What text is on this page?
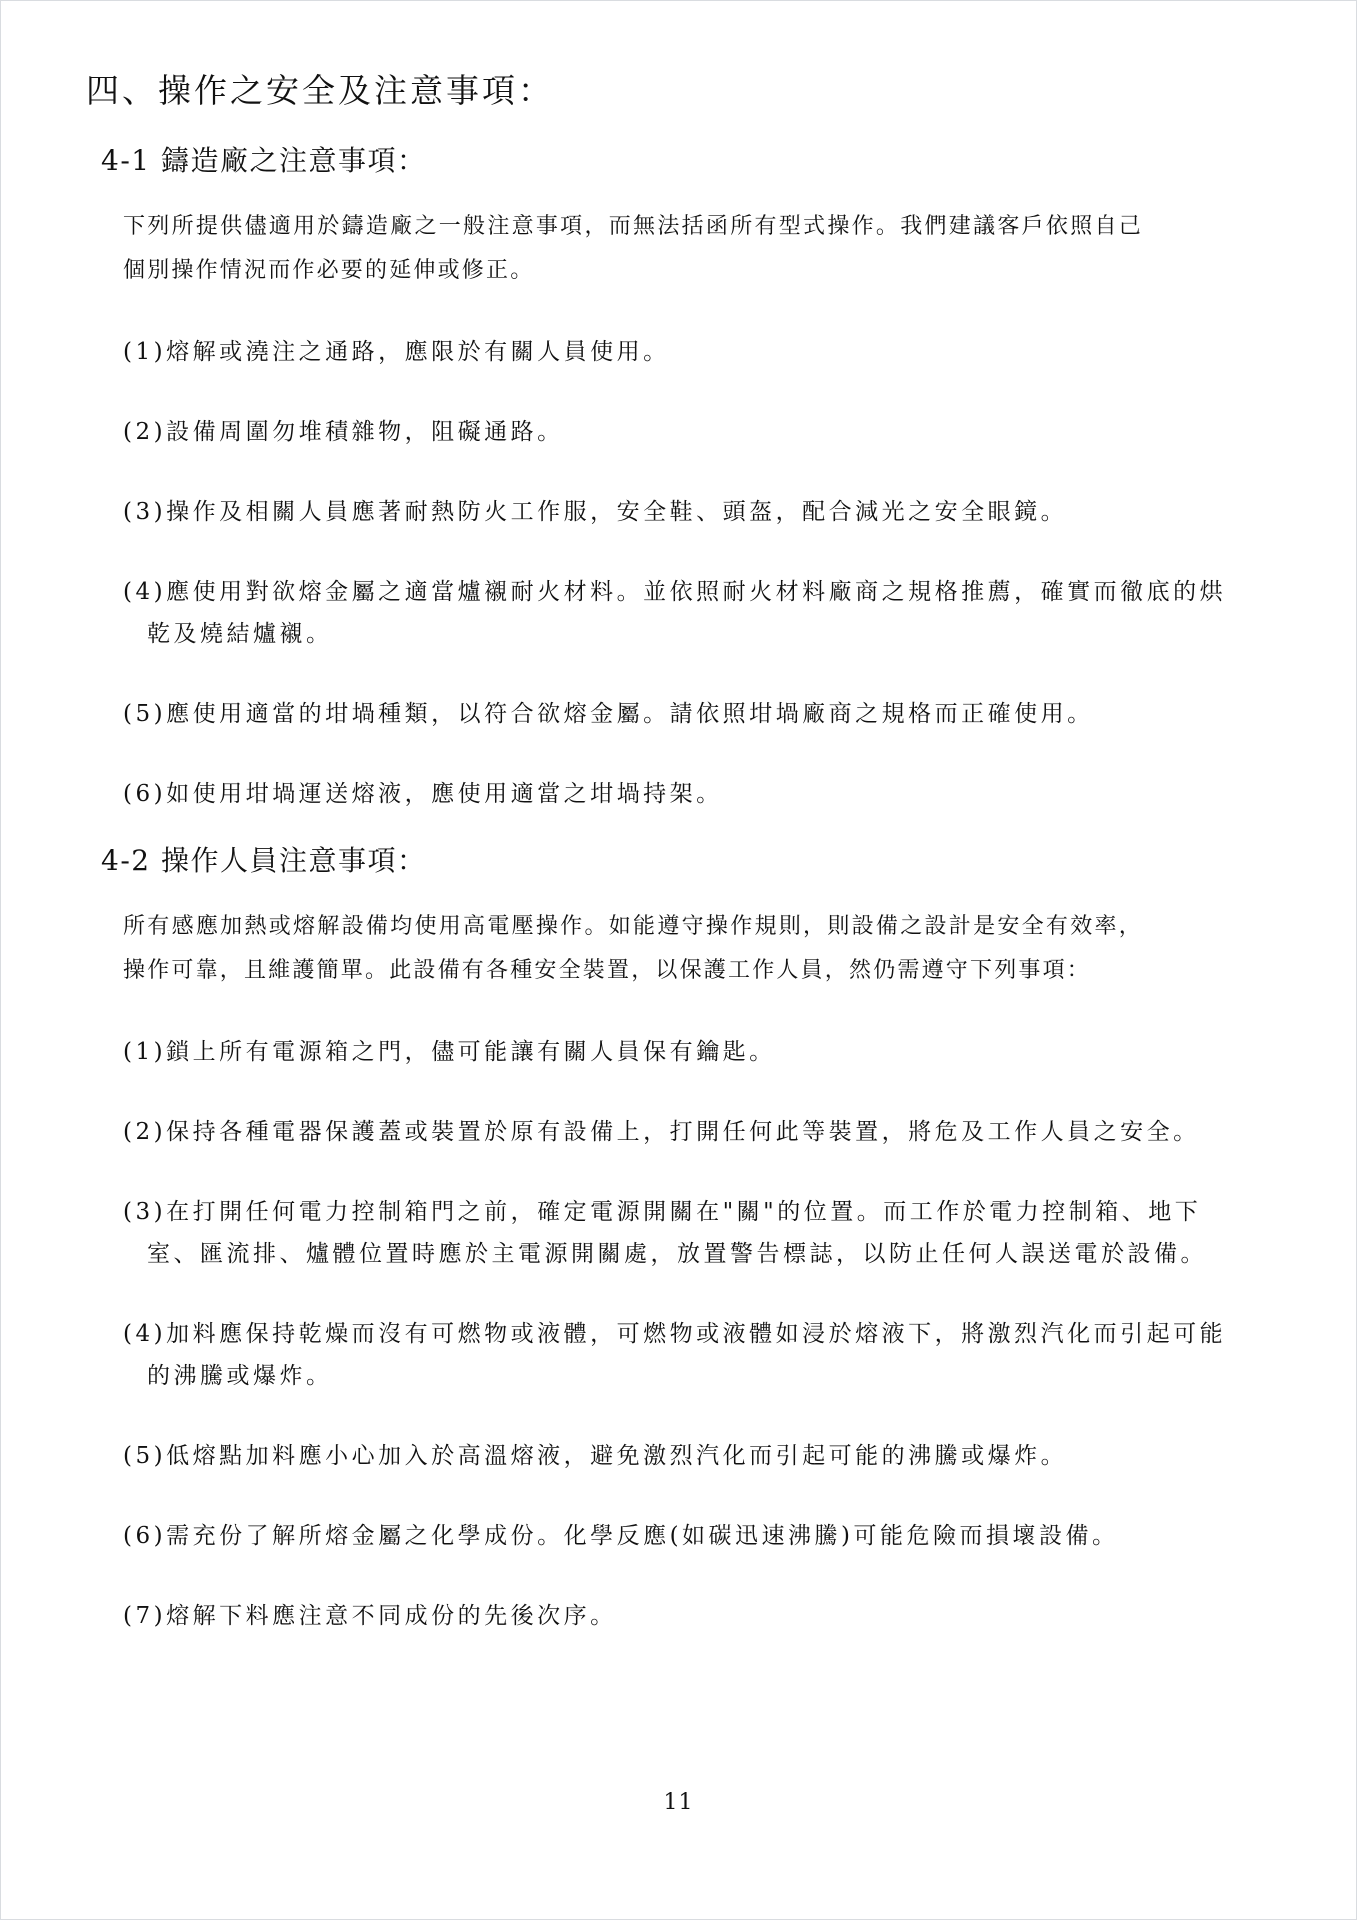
四、操作之安全及注意事項：
4-1 鑄造廠之注意事項：

下列所提供儘適用於鑄造廠之一般注意事項，而無法括函所有型式操作。我們建議客戶依照自己個別操作情況而作必要的延伸或修正。

(1)熔解或澆注之通路，應限於有關人員使用。

(2)設備周圍勿堆積雜物，阻礙通路。

(3)操作及相關人員應著耐熱防火工作服，安全鞋、頭盔，配合減光之安全眼鏡。

(4)應使用對欲熔金屬之適當爐襯耐火材料。並依照耐火材料廠商之規格推薦，確實而徹底的烘乾及燒結爐襯。

(5)應使用適當的坩堝種類，以符合欲熔金屬。請依照坩堝廠商之規格而正確使用。

(6)如使用坩堝運送熔液，應使用適當之坩堝持架。

4-2 操作人員注意事項：

所有感應加熱或熔解設備均使用高電壓操作。如能遵守操作規則，則設備之設計是安全有效率，操作可靠，且維護簡單。此設備有各種安全裝置，以保護工作人員，然仍需遵守下列事項：

(1)鎖上所有電源箱之門，儘可能讓有關人員保有鑰匙。

(2)保持各種電器保護蓋或裝置於原有設備上，打開任何此等裝置，將危及工作人員之安全。

(3)在打開任何電力控制箱門之前，確定電源開關在"關"的位置。而工作於電力控制箱、地下室、匯流排、爐體位置時應於主電源開關處，放置警告標誌，以防止任何人誤送電於設備。

(4)加料應保持乾燥而沒有可燃物或液體，可燃物或液體如浸於熔液下，將激烈汽化而引起可能的沸騰或爆炸。

(5)低熔點加料應小心加入於高溫熔液，避免激烈汽化而引起可能的沸騰或爆炸。

(6)需充份了解所熔金屬之化學成份。化學反應(如碳迅速沸騰)可能危險而損壞設備。

(7)熔解下料應注意不同成份的先後次序。

11
